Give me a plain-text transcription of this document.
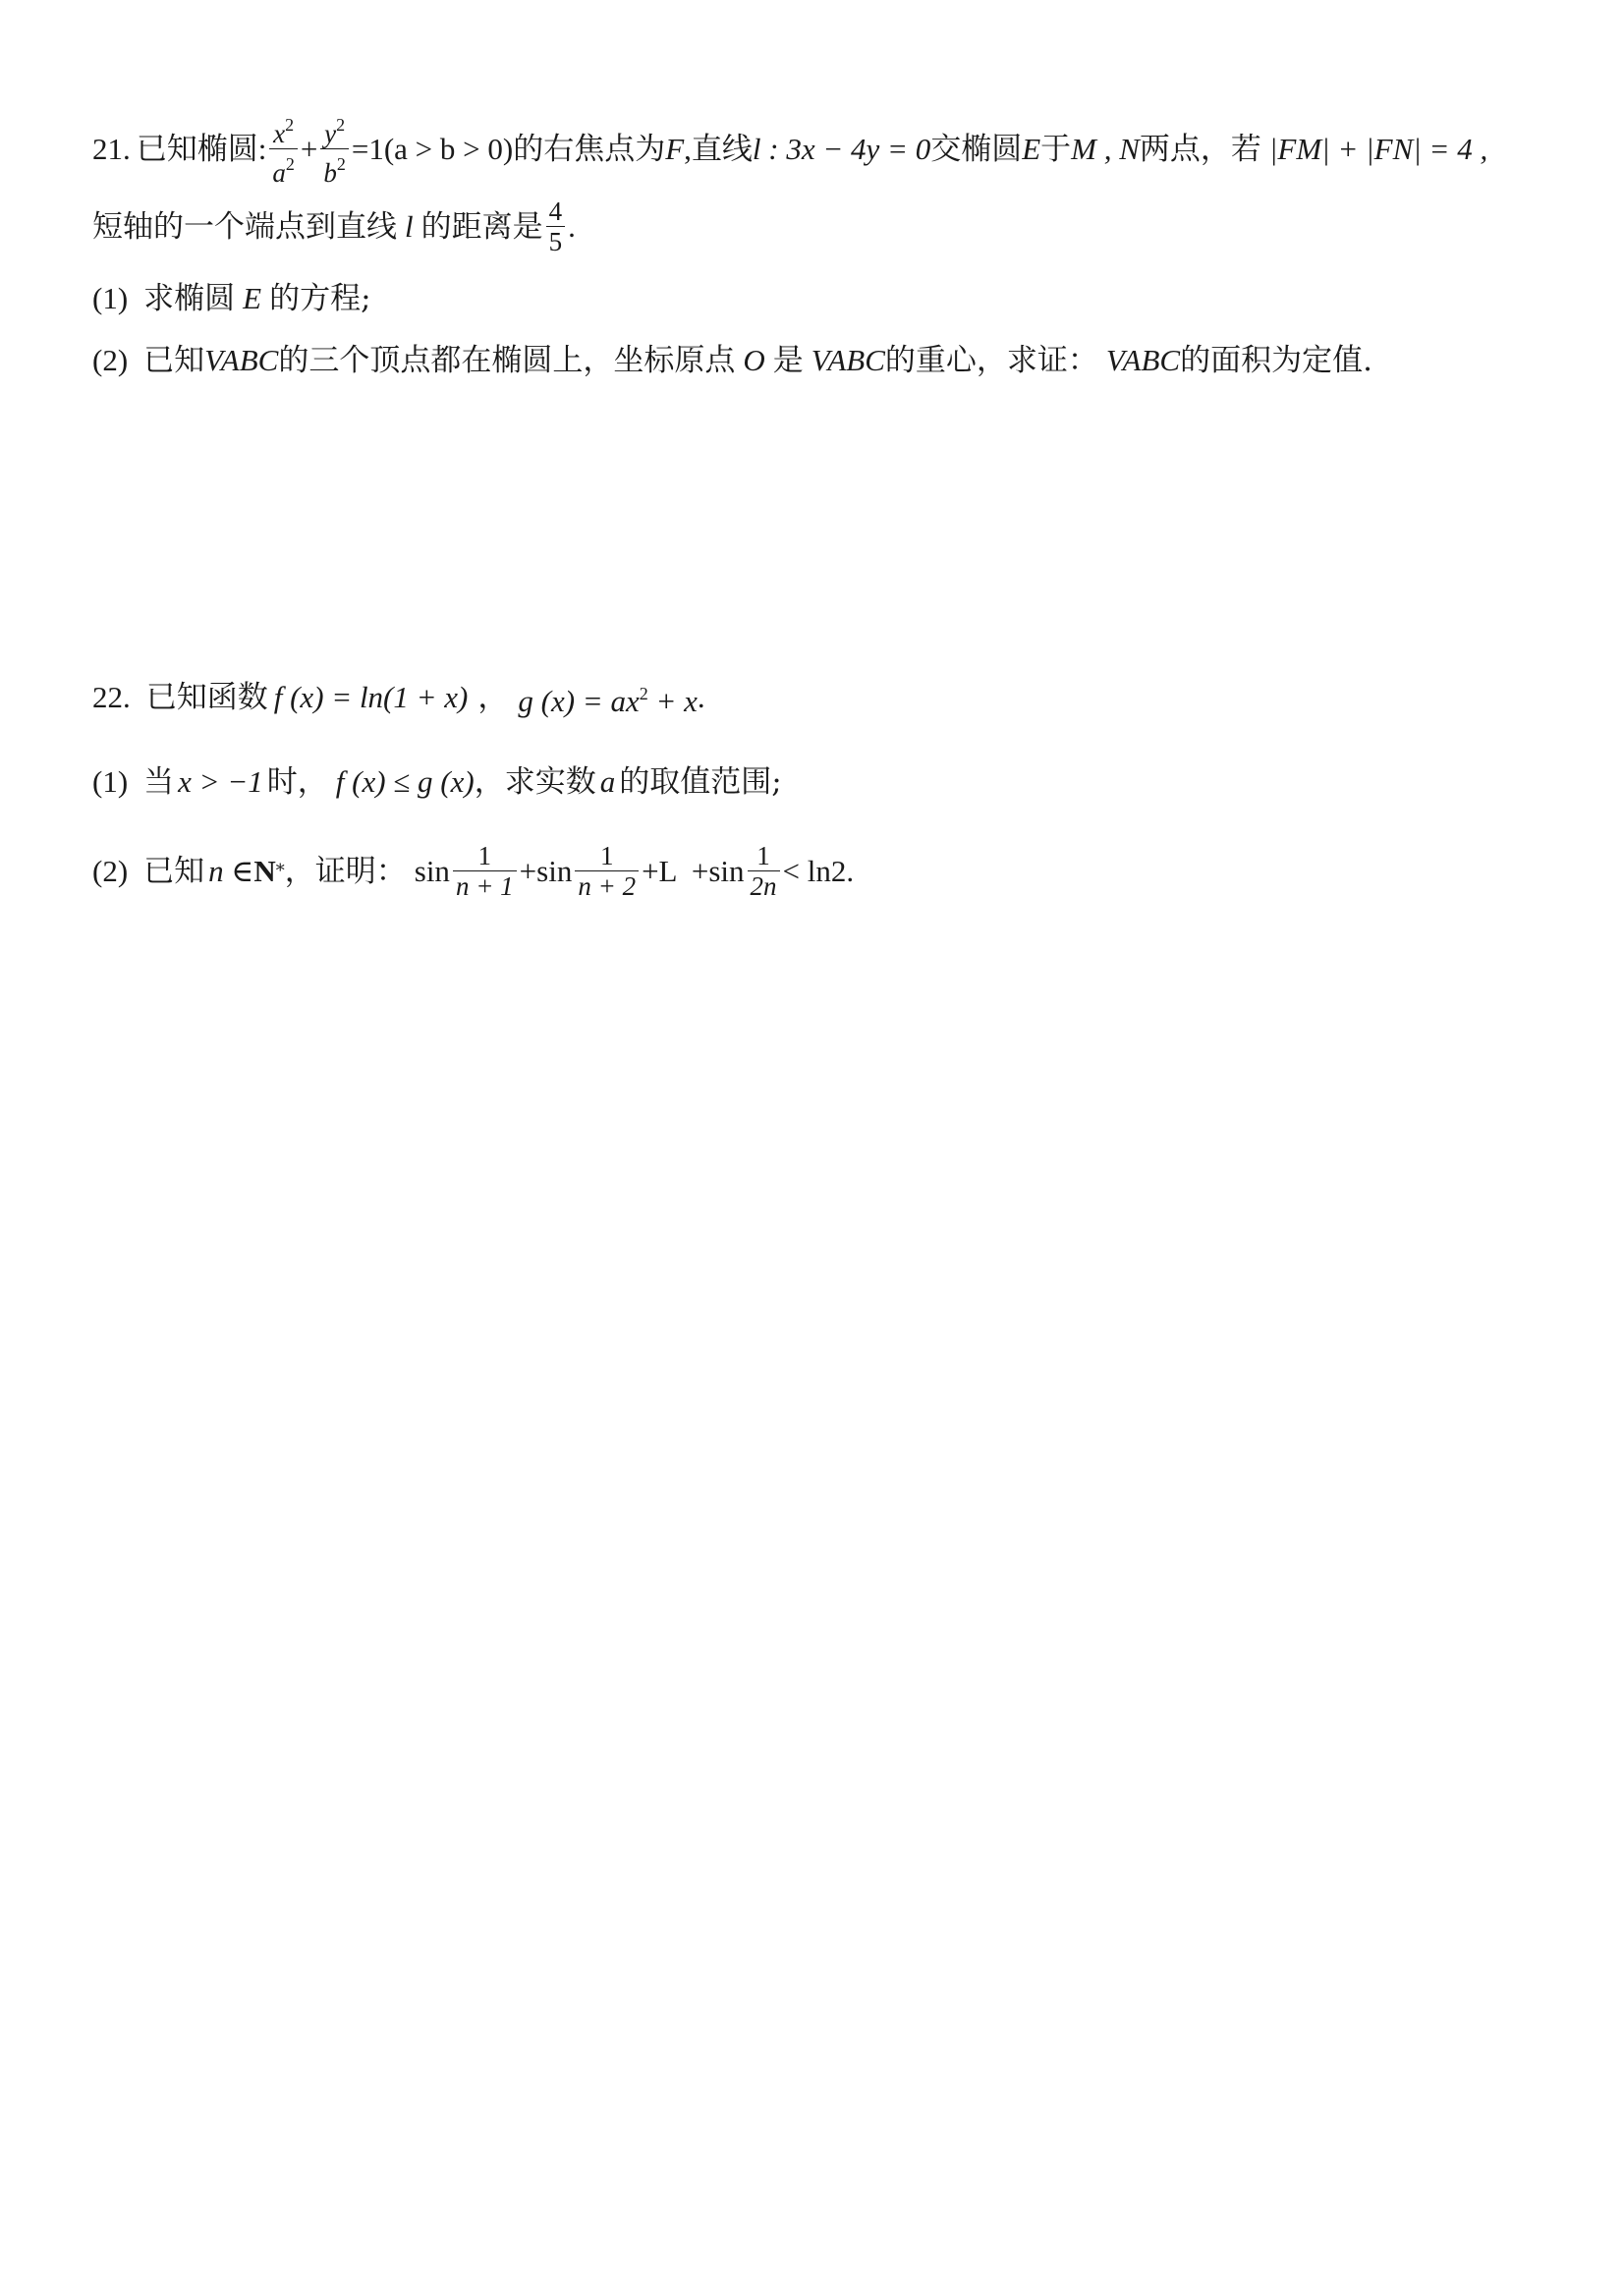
21. 已知椭圆 : $\frac{x^2}{a^2} + \frac{y^2}{b^2} =1(a > b > 0)$ 的右焦点为 F , 直线 l : 3x − 4y = 0 交椭圆 E 于 M , N 两点，若 |FM| + |FN| = 4 ,
短轴的一个端点到直线 l 的距离是 $\frac{4}{5}$ .
(1) 求椭圆 E 的方程;
(2) 已知 VABC 的三个顶点都在椭圆上，坐标原点 O 是 VABC 的重心，求证： VABC 的面积为定值.
22. 已知函数 f (x) = ln(1 + x) ， g $(x) = ax^2 + x$ .
(1) 当 x > −1 时， f (x) ≤ g (x) ，求实数 a 的取值范围;
(2) 已知 n ∈ N * ，证明： $\sin \frac{1}{n + 1} + \sin \frac{1}{n + 2} +L + \sin \frac{1}{2n} < \ln 2$ .
